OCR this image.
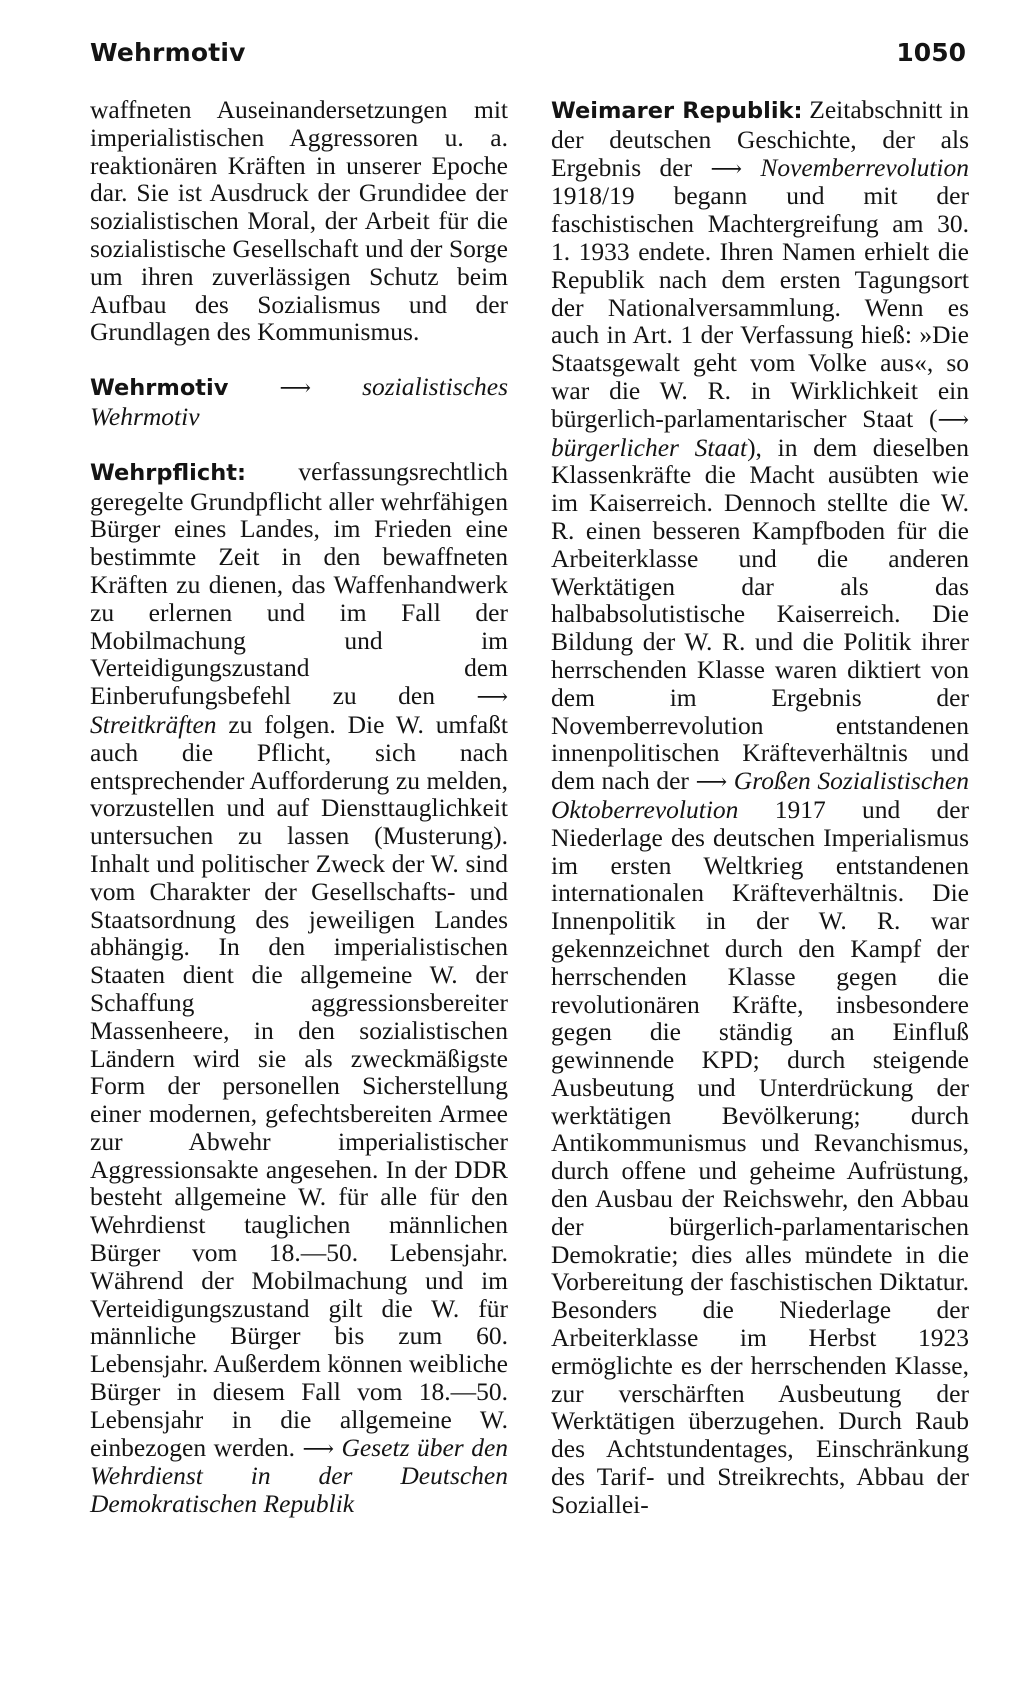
Wehrmotiv	1050

waffneten Auseinandersetzungen mit imperialistischen Aggressoren u. a. reaktionären Kräften in unserer Epoche dar. Sie ist Ausdruck der Grundidee der sozialistischen Moral, der Arbeit für die sozialistische Gesellschaft und der Sorge um ihren zuverlässigen Schutz beim Aufbau des Sozialismus und der Grundlagen des Kommunismus.

Wehrmotiv ⟶ sozialistisches Wehrmotiv

Wehrpflicht: verfassungsrechtlich geregelte Grundpflicht aller wehrfähigen Bürger eines Landes, im Frieden eine bestimmte Zeit in den bewaffneten Kräften zu dienen, das Waffenhandwerk zu erlernen und im Fall der Mobilmachung und im Verteidigungszustand dem Einberufungsbefehl zu den ⟶ Streitkräften zu folgen. Die W. umfaßt auch die Pflicht, sich nach entsprechender Aufforderung zu melden, vorzustellen und auf Diensttauglichkeit untersuchen zu lassen (Musterung). Inhalt und politischer Zweck der W. sind vom Charakter der Gesellschafts- und Staatsordnung des jeweiligen Landes abhängig. In den imperialistischen Staaten dient die allgemeine W. der Schaffung aggressionsbereiter Massenheere, in den sozialistischen Ländern wird sie als zweckmäßigste Form der personellen Sicherstellung einer modernen, gefechtsbereiten Armee zur Abwehr imperialistischer Aggressionsakte angesehen. In der DDR besteht allgemeine W. für alle für den Wehrdienst tauglichen männlichen Bürger vom 18.—50. Lebensjahr. Während der Mobilmachung und im Verteidigungszustand gilt die W. für männliche Bürger bis zum 60. Lebensjahr. Außerdem können weibliche Bürger in diesem Fall vom 18.—50. Lebensjahr in die allgemeine W. einbezogen werden. ⟶ Gesetz über den Wehrdienst in der Deutschen Demokratischen Republik

Weimarer Republik: Zeitabschnitt in der deutschen Geschichte, der als Ergebnis der ⟶ Novemberrevolution 1918/19 begann und mit der faschistischen Machtergreifung am 30. 1. 1933 endete. Ihren Namen erhielt die Republik nach dem ersten Tagungsort der Nationalversammlung. Wenn es auch in Art. 1 der Verfassung hieß: »Die Staatsgewalt geht vom Volke aus«, so war die W. R. in Wirklichkeit ein bürgerlich-parlamentarischer Staat (⟶ bürgerlicher Staat), in dem dieselben Klassenkräfte die Macht ausübten wie im Kaiserreich. Dennoch stellte die W. R. einen besseren Kampfboden für die Arbeiterklasse und die anderen Werktätigen dar als das halbabsolutistische Kaiserreich. Die Bildung der W. R. und die Politik ihrer herrschenden Klasse waren diktiert von dem im Ergebnis der Novemberrevolution entstandenen innenpolitischen Kräfteverhältnis und dem nach der ⟶ Großen Sozialistischen Oktoberrevolution 1917 und der Niederlage des deutschen Imperialismus im ersten Weltkrieg entstandenen internationalen Kräfteverhältnis. Die Innenpolitik in der W. R. war gekennzeichnet durch den Kampf der herrschenden Klasse gegen die revolutionären Kräfte, insbesondere gegen die ständig an Einfluß gewinnende KPD; durch steigende Ausbeutung und Unterdrückung der werktätigen Bevölkerung; durch Antikommunismus und Revanchismus, durch offene und geheime Aufrüstung, den Ausbau der Reichswehr, den Abbau der bürgerlich-parlamentarischen Demokratie; dies alles mündete in die Vorbereitung der faschistischen Diktatur. Besonders die Niederlage der Arbeiterklasse im Herbst 1923 ermöglichte es der herrschenden Klasse, zur verschärften Ausbeutung der Werktätigen überzugehen. Durch Raub des Achtstundentages, Einschränkung des Tarif- und Streikrechts, Abbau der Soziallei-
